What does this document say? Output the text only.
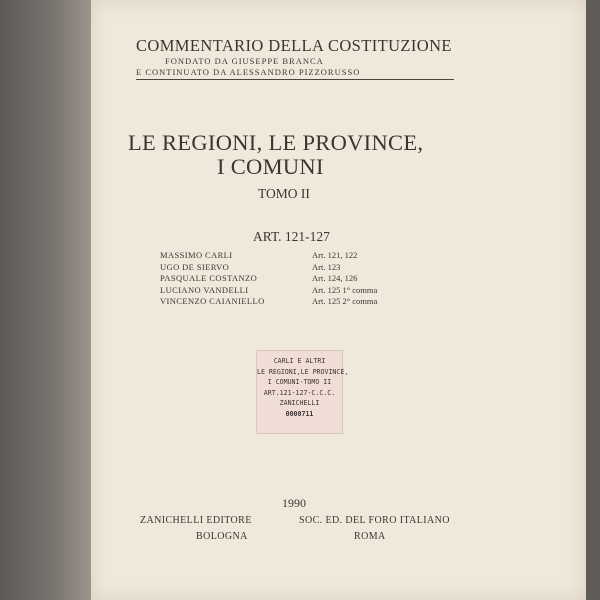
COMMENTARIO DELLA COSTITUZIONE
FONDATO DA GIUSEPPE BRANCA
E CONTINUATO DA ALESSANDRO PIZZORUSSO
LE REGIONI, LE PROVINCE,
I COMUNI
TOMO II
ART. 121-127
MASSIMO CARLI	Art. 121, 122
UGO DE SIERVO	Art. 123
PASQUALE COSTANZO	Art. 124, 126
LUCIANO VANDELLI	Art. 125 1° comma
VINCENZO CAIANIELLO	Art. 125 2° comma
CARLI E ALTRI
LE REGIONI,LE PROVINCE,
I COMUNI-TOMO II
ART.121-127-C.C.C.
ZANICHELLI
0000711
1990
ZANICHELLI EDITORE	SOC. ED. DEL FORO ITALIANO
BOLOGNA	ROMA
